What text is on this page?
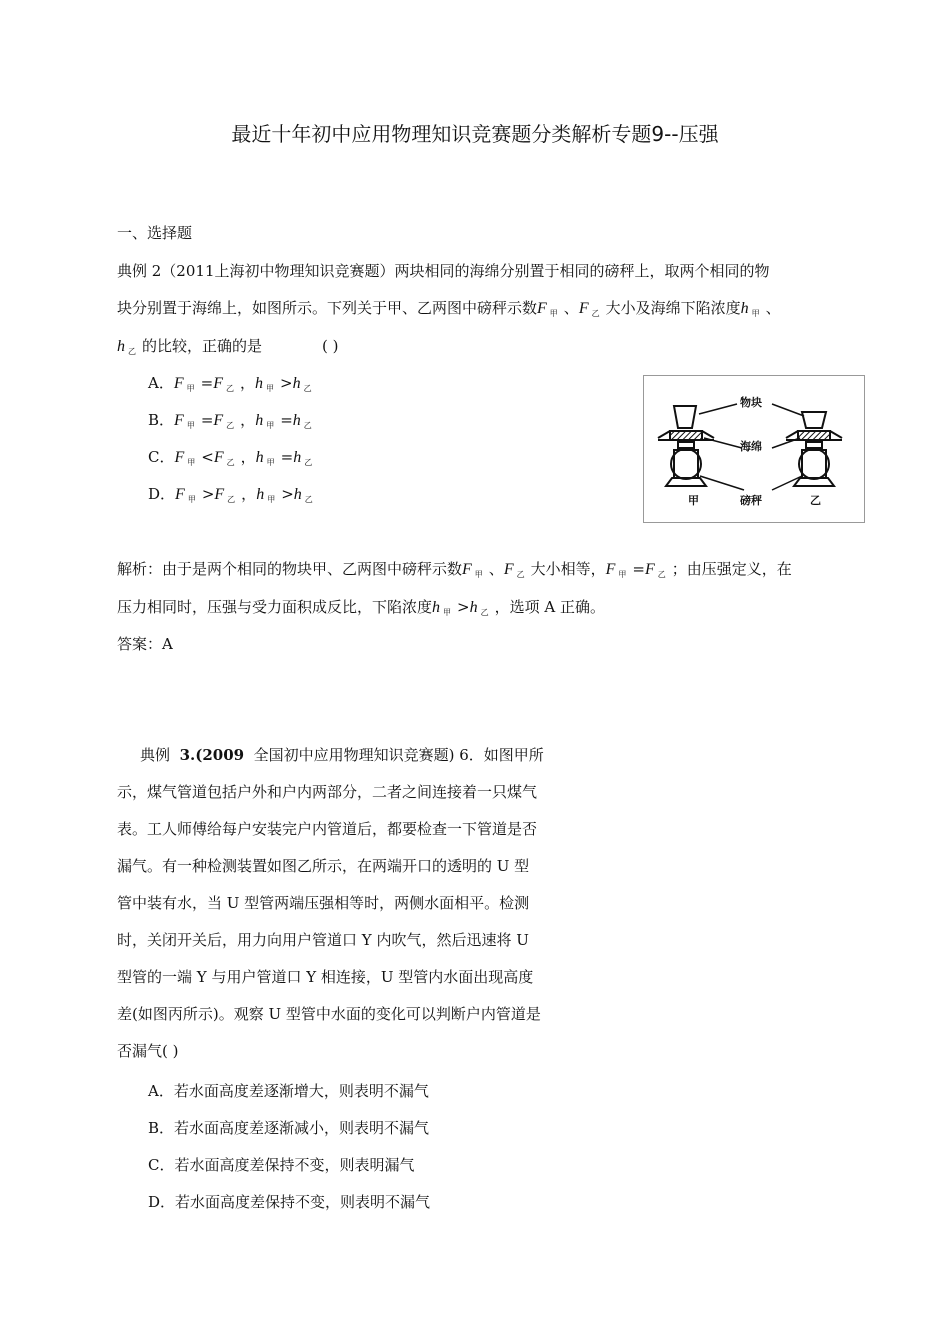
最近十年初中应用物理知识竞赛题分类解析专题9--压强
一、选择题
典例 2（2011上海初中物理知识竞赛题）两块相同的海绵分别置于相同的磅秤上，取两个相同的物
块分别置于海绵上，如图所示。下列关于甲、乙两图中磅秤示数F $_甲$ 、F $_乙$ 大小及海绵下陷浓度h $_甲$ 、
h $_乙$ 的比较，正确的是	( )
A．F $_甲$ =F $_乙$ ，h $_甲$ >h $_乙$
B．F $_甲$ =F $_乙$ ，h $_甲$ =h $_乙$
C．F $_甲$ <F $_乙$ ，h $_甲$ =h $_乙$
D．F $_甲$ >F $_乙$ ，h $_甲$ >h $_乙$
物块
海绵
磅秤
甲	乙
解析：由于是两个相同的物块甲、乙两图中磅秤示数F $_甲$ 、F $_乙$ 大小相等，F $_甲$ =F $_乙$ ；由压强定义，在
压力相同时，压强与受力面积成反比，下陷浓度h $_甲$ >h $_乙$ ，选项 A 正确。
答案：A
典例 3.(2009 全国初中应用物理知识竞赛题) 6．如图甲所
示，煤气管道包括户外和户内两部分，二者之间连接着一只煤气
表。工人师傅给每户安装完户内管道后，都要检查一下管道是否
漏气。有一种检测装置如图乙所示，在两端开口的透明的 U 型
管中装有水，当 U 型管两端压强相等时，两侧水面相平。检测
时，关闭开关后，用力向用户管道口 Y 内吹气，然后迅速将 U
型管的一端 Y 与用户管道口 Y 相连接，U 型管内水面出现高度
差(如图丙所示)。观察 U 型管中水面的变化可以判断户内管道是
否漏气( )
A．若水面高度差逐渐增大，则表明不漏气
B．若水面高度差逐渐减小，则表明不漏气
C．若水面高度差保持不变，则表明漏气
D．若水面高度差保持不变，则表明不漏气
